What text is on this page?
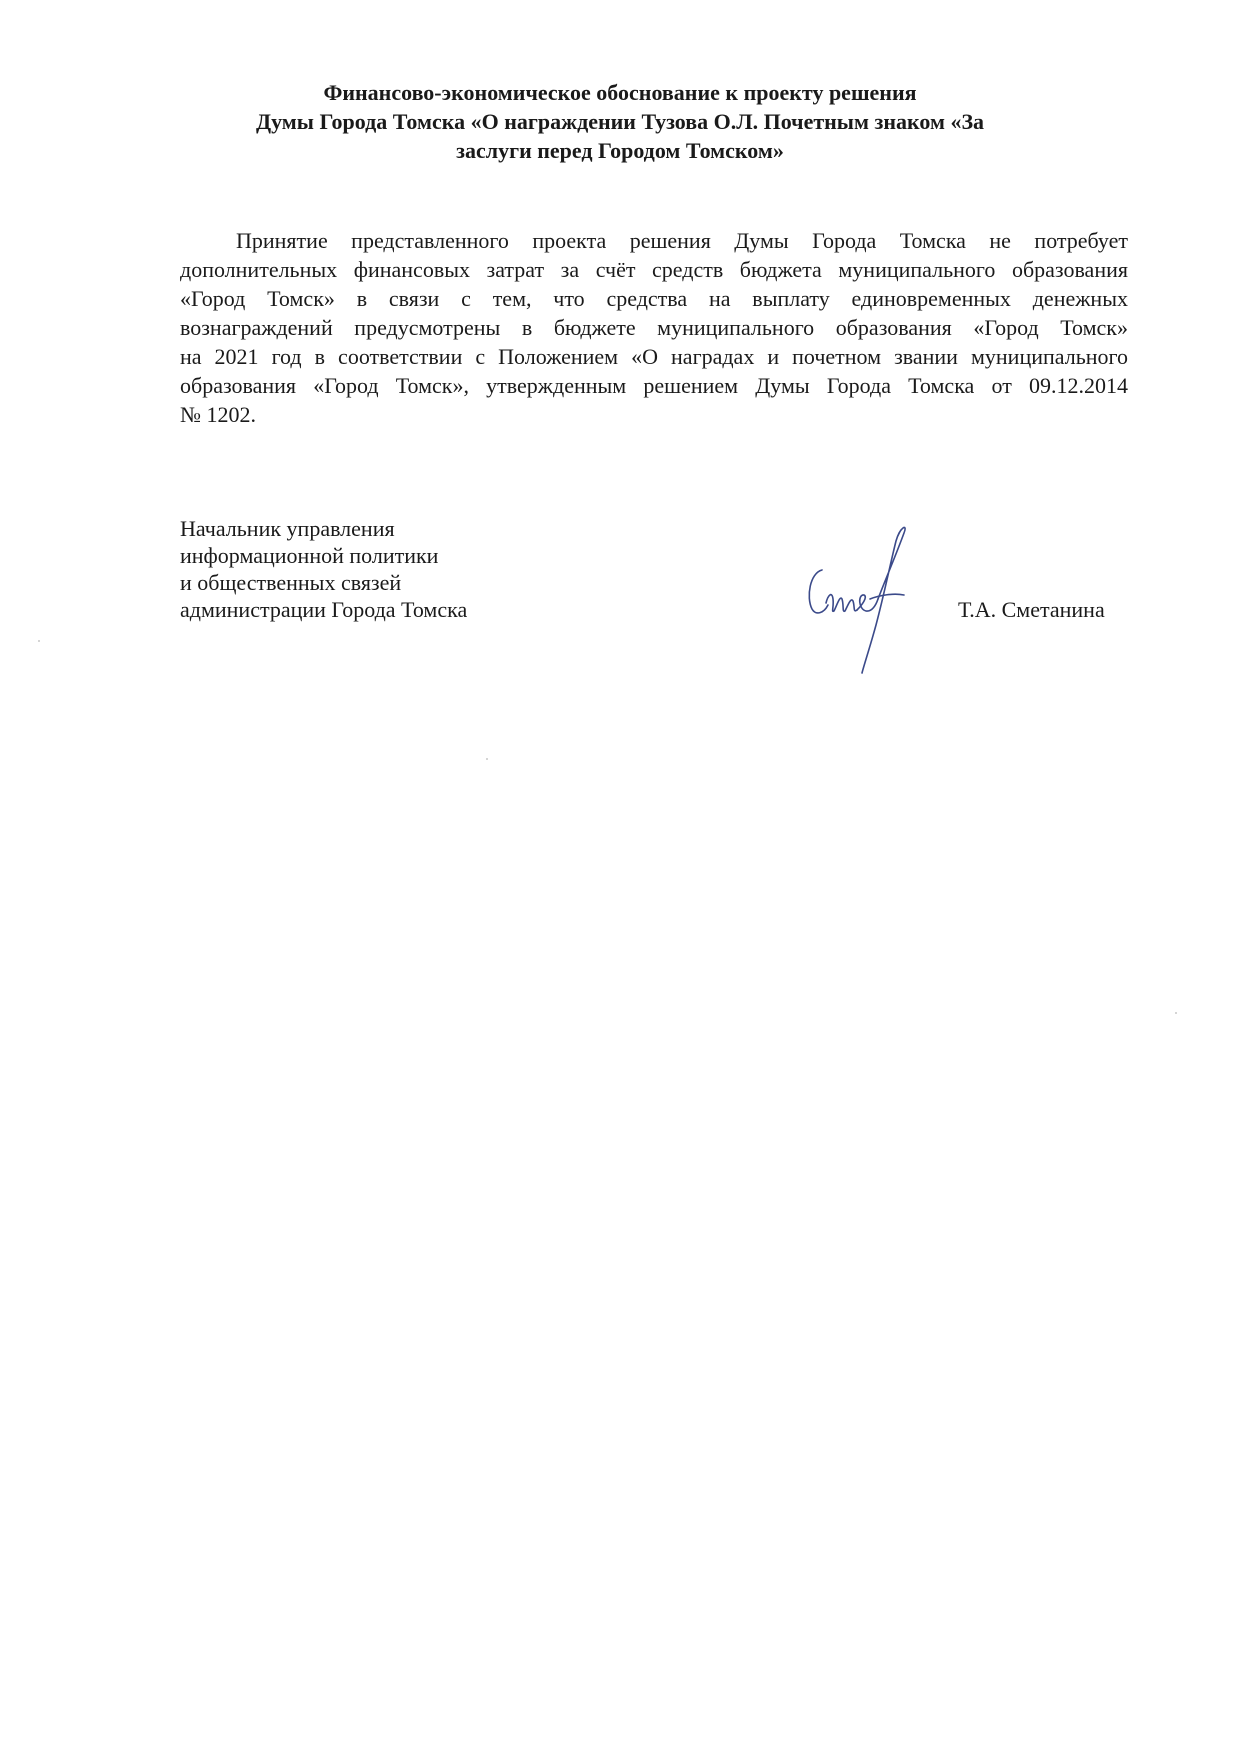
Финансово-экономическое обоснование к проекту решения
Думы Города Томска «О награждении Тузова О.Л. Почетным знаком «За
заслуги перед Городом Томском»
Принятие представленного проекта решения Думы Города Томска не потребует
дополнительных финансовых затрат за счёт средств бюджета муниципального образования
«Город Томск» в связи с тем, что средства на выплату единовременных денежных
вознаграждений предусмотрены в бюджете муниципального образования «Город Томск»
на 2021 год в соответствии с Положением «О наградах и почетном звании муниципального
образования «Город Томск», утвержденным решением Думы Города Томска от 09.12.2014
№ 1202.
Начальник управления
информационной политики
и общественных связей
администрации Города Томска	Т.А. Сметанина
